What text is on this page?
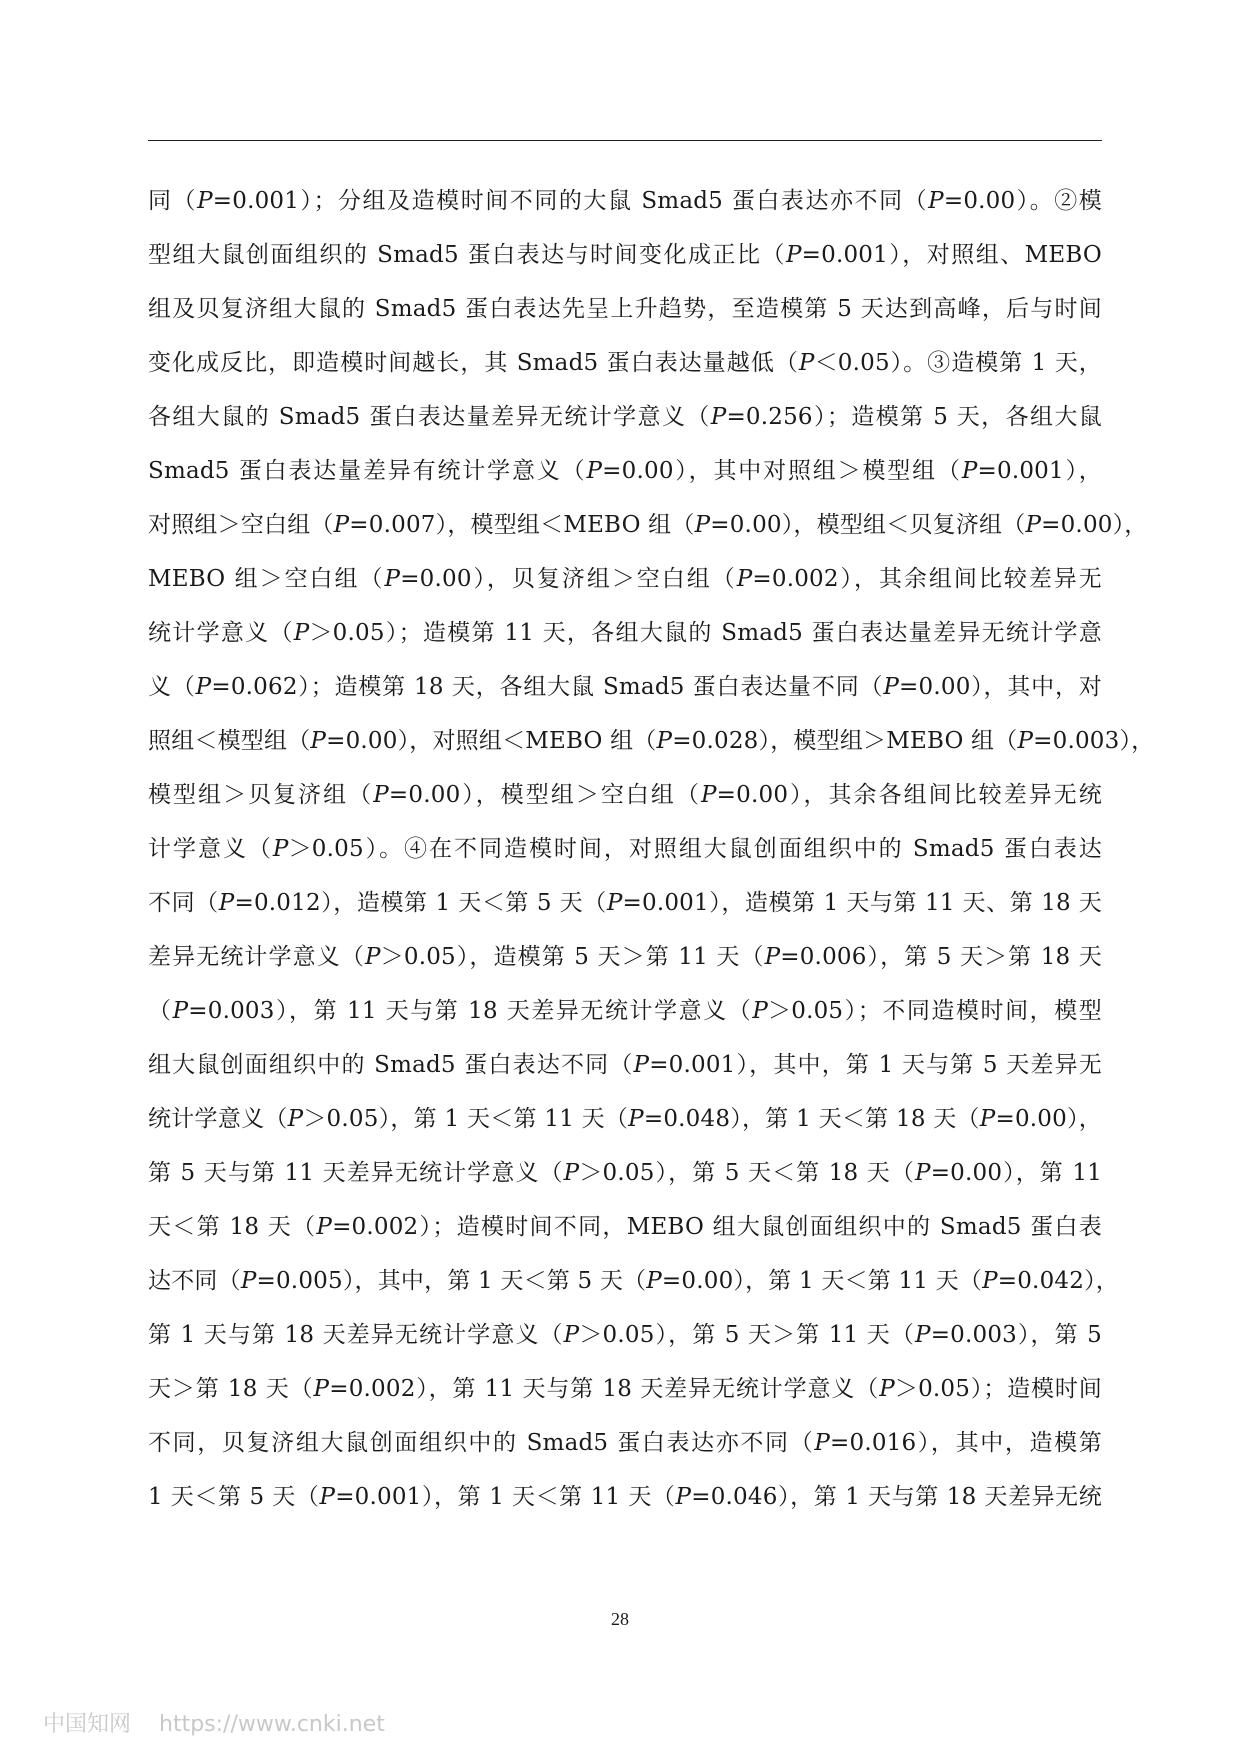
同（P=0.001）；分组及造模时间不同的大鼠 Smad5 蛋白表达亦不同（P=0.00）。②模
型组大鼠创面组织的 Smad5 蛋白表达与时间变化成正比（P=0.001），对照组、MEBO
组及贝复济组大鼠的 Smad5 蛋白表达先呈上升趋势，至造模第 5 天达到高峰，后与时间
变化成反比，即造模时间越长，其 Smad5 蛋白表达量越低（P＜0.05）。③造模第 1 天，
各组大鼠的 Smad5 蛋白表达量差异无统计学意义（P=0.256）；造模第 5 天，各组大鼠
Smad5 蛋白表达量差异有统计学意义（P=0.00），其中对照组＞模型组（P=0.001），
对照组＞空白组（P=0.007），模型组＜MEBO 组（P=0.00），模型组＜贝复济组（P=0.00），
MEBO 组＞空白组（P=0.00），贝复济组＞空白组（P=0.002），其余组间比较差异无
统计学意义（P＞0.05）；造模第 11 天，各组大鼠的 Smad5 蛋白表达量差异无统计学意
义（P=0.062）；造模第 18 天，各组大鼠 Smad5 蛋白表达量不同（P=0.00），其中，对
照组＜模型组（P=0.00），对照组＜MEBO 组（P=0.028），模型组＞MEBO 组（P=0.003），
模型组＞贝复济组（P=0.00），模型组＞空白组（P=0.00），其余各组间比较差异无统
计学意义（P＞0.05）。④在不同造模时间，对照组大鼠创面组织中的 Smad5 蛋白表达
不同（P=0.012），造模第 1 天＜第 5 天（P=0.001），造模第 1 天与第 11 天、第 18 天
差异无统计学意义（P＞0.05），造模第 5 天＞第 11 天（P=0.006），第 5 天＞第 18 天
（P=0.003），第 11 天与第 18 天差异无统计学意义（P＞0.05）；不同造模时间，模型
组大鼠创面组织中的 Smad5 蛋白表达不同（P=0.001），其中，第 1 天与第 5 天差异无
统计学意义（P＞0.05），第 1 天＜第 11 天（P=0.048），第 1 天＜第 18 天（P=0.00），
第 5 天与第 11 天差异无统计学意义（P＞0.05），第 5 天＜第 18 天（P=0.00），第 11
天＜第 18 天（P=0.002）；造模时间不同，MEBO 组大鼠创面组织中的 Smad5 蛋白表
达不同（P=0.005），其中，第 1 天＜第 5 天（P=0.00），第 1 天＜第 11 天（P=0.042），
第 1 天与第 18 天差异无统计学意义（P＞0.05），第 5 天＞第 11 天（P=0.003），第 5
天＞第 18 天（P=0.002），第 11 天与第 18 天差异无统计学意义（P＞0.05）；造模时间
不同，贝复济组大鼠创面组织中的 Smad5 蛋白表达亦不同（P=0.016），其中，造模第
1 天＜第 5 天（P=0.001），第 1 天＜第 11 天（P=0.046），第 1 天与第 18 天差异无统
28
中国知网 https://www.cnki.net
